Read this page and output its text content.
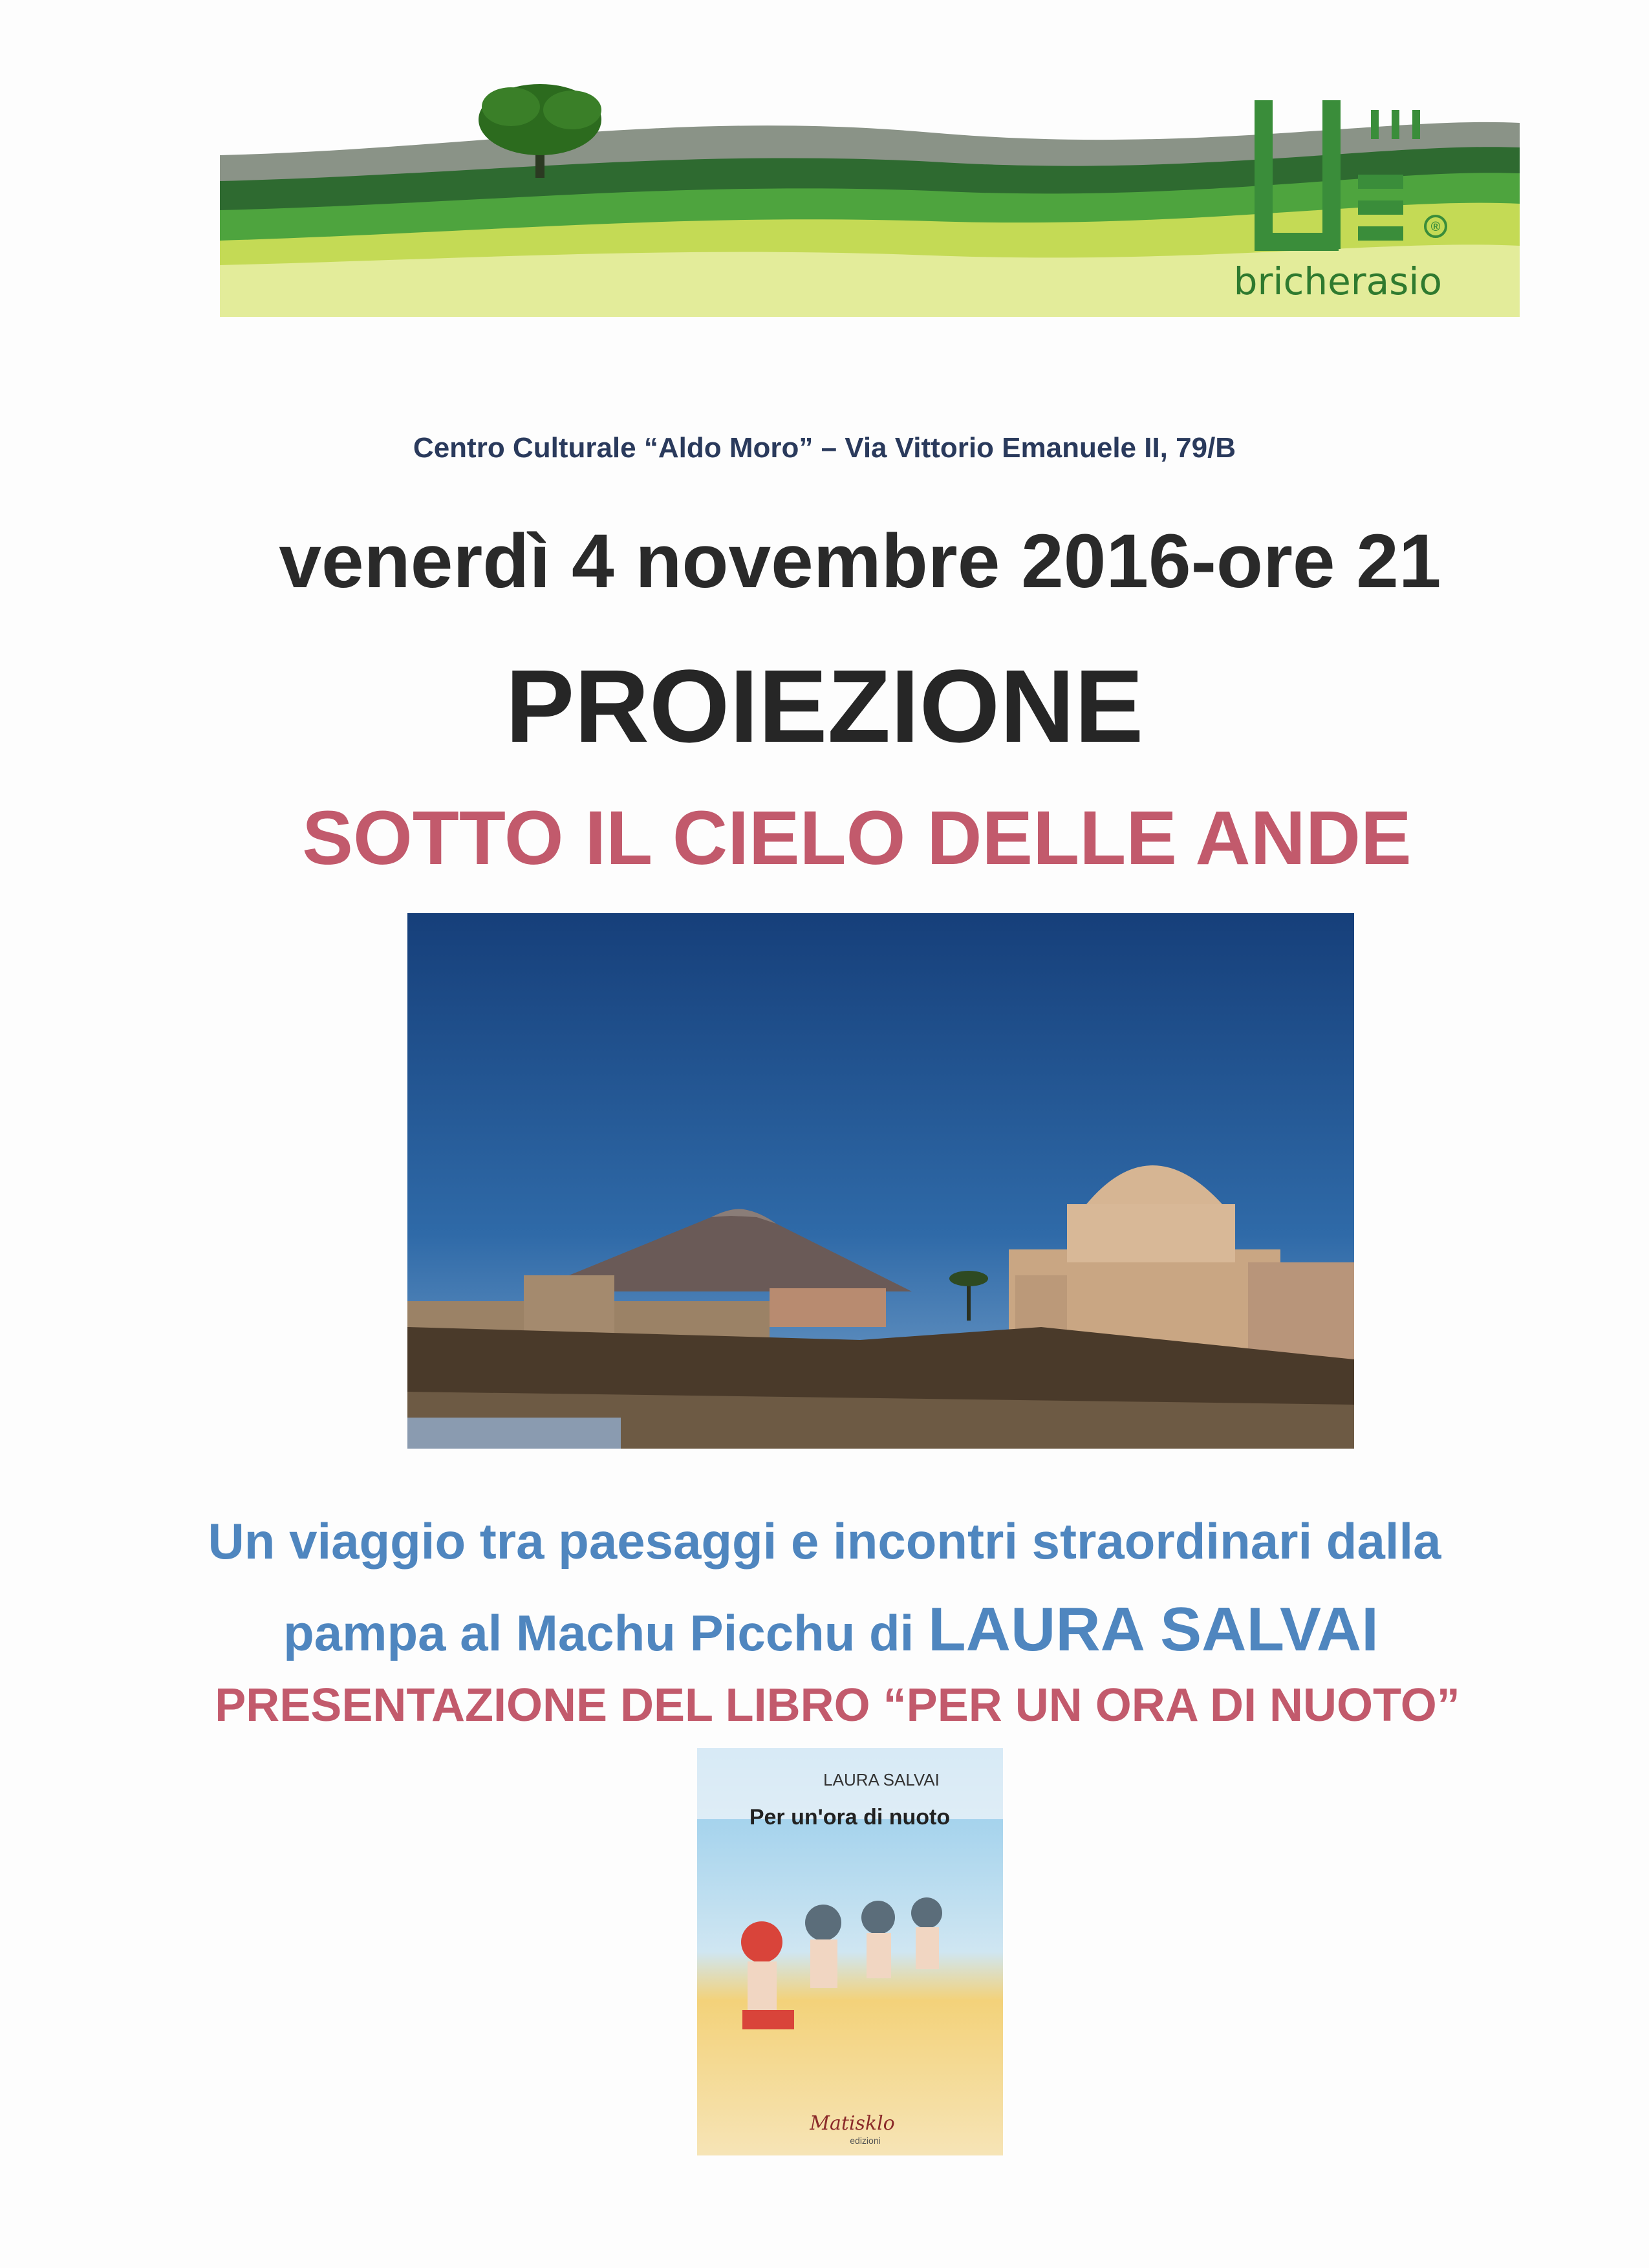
®
bricherasio
Centro Culturale “Aldo Moro” – Via Vittorio Emanuele II, 79/B
venerdì 4 novembre 2016-ore 21
PROIEZIONE
SOTTO IL CIELO DELLE ANDE
Un viaggio tra paesaggi e incontri straordinari dalla
pampa al Machu Picchu di LAURA SALVAI
PRESENTAZIONE DEL LIBRO “PER UN ORA DI NUOTO”
LAURA SALVAI
Per un'ora di nuoto
Matisklo
edizioni
